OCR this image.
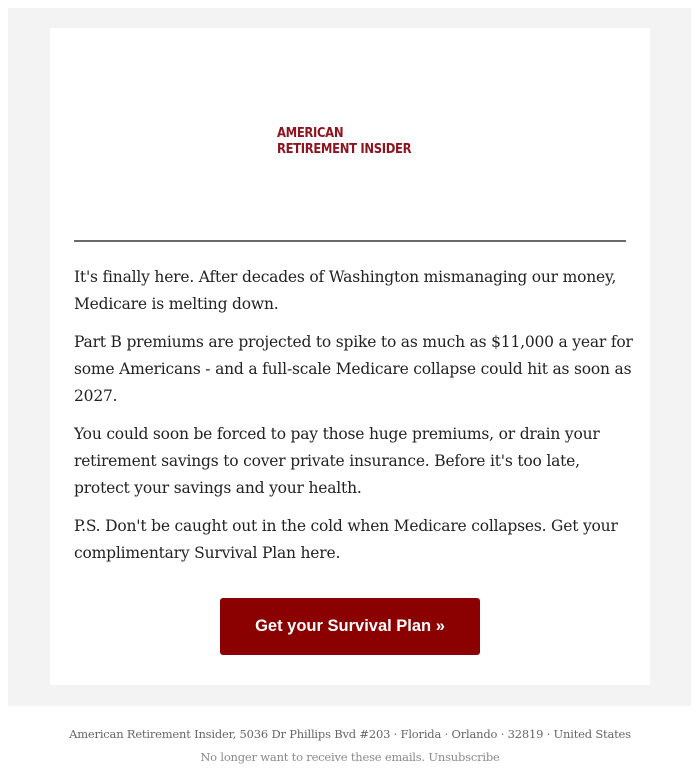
AMERICAN
RETIREMENT INSIDER

It's finally here. After decades of Washington mismanaging our money, Medicare is melting down.

Part B premiums are projected to spike to as much as $11,000 a year for some Americans - and a full-scale Medicare collapse could hit as soon as 2027.

You could soon be forced to pay those huge premiums, or drain your retirement savings to cover private insurance. Before it's too late, protect your savings and your health.

P.S. Don't be caught out in the cold when Medicare collapses. Get your complimentary Survival Plan here.

Get your Survival Plan »
American Retirement Insider, 5036 Dr Phillips Bvd #203 · Florida · Orlando · 32819 · United States
No longer want to receive these emails. Unsubscribe
